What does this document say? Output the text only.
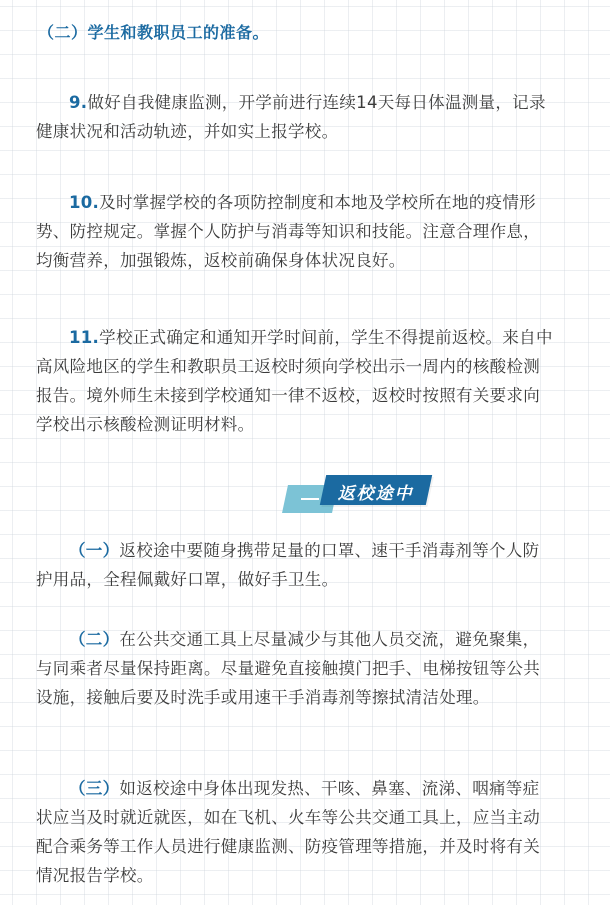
（二）学生和教职员工的准备。

9.做好自我健康监测，开学前进行连续14天每日体温测量，记录健康状况和活动轨迹，并如实上报学校。

10.及时掌握学校的各项防控制度和本地及学校所在地的疫情形势、防控规定。掌握个人防护与消毒等知识和技能。注意合理作息，均衡营养，加强锻炼，返校前确保身体状况良好。

11.学校正式确定和通知开学时间前，学生不得提前返校。来自中高风险地区的学生和教职员工返校时须向学校出示一周内的核酸检测报告。境外师生未接到学校通知一律不返校，返校时按照有关要求向学校出示核酸检测证明材料。

返校途中

（一）返校途中要随身携带足量的口罩、速干手消毒剂等个人防护用品，全程佩戴好口罩，做好手卫生。

（二）在公共交通工具上尽量减少与其他人员交流，避免聚集，与同乘者尽量保持距离。尽量避免直接触摸门把手、电梯按钮等公共设施，接触后要及时洗手或用速干手消毒剂等擦拭清洁处理。

（三）如返校途中身体出现发热、干咳、鼻塞、流涕、咽痛等症状应当及时就近就医，如在飞机、火车等公共交通工具上，应当主动配合乘务等工作人员进行健康监测、防疫管理等措施，并及时将有关情况报告学校。
